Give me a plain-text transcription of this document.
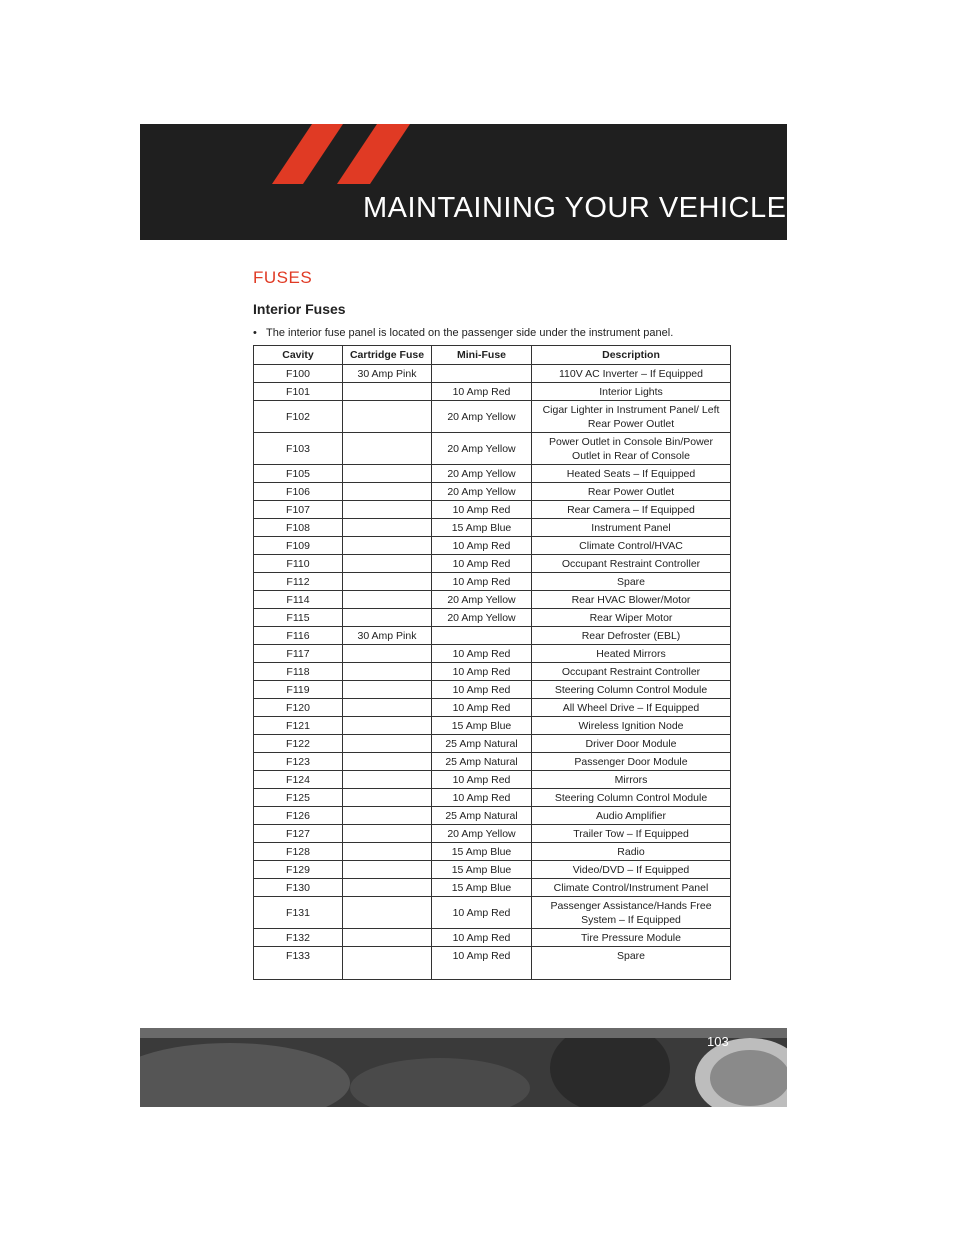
MAINTAINING YOUR VEHICLE
FUSES
Interior Fuses
• The interior fuse panel is located on the passenger side under the instrument panel.
Cavity	Cartridge Fuse	Mini-Fuse	Description
F100	30 Amp Pink		110V AC Inverter – If Equipped
F101		10 Amp Red	Interior Lights
F102		20 Amp Yellow	Cigar Lighter in Instrument Panel/ Left Rear Power Outlet
F103		20 Amp Yellow	Power Outlet in Console Bin/Power Outlet in Rear of Console
F105		20 Amp Yellow	Heated Seats – If Equipped
F106		20 Amp Yellow	Rear Power Outlet
F107		10 Amp Red	Rear Camera – If Equipped
F108		15 Amp Blue	Instrument Panel
F109		10 Amp Red	Climate Control/HVAC
F110		10 Amp Red	Occupant Restraint Controller
F112		10 Amp Red	Spare
F114		20 Amp Yellow	Rear HVAC Blower/Motor
F115		20 Amp Yellow	Rear Wiper Motor
F116	30 Amp Pink		Rear Defroster (EBL)
F117		10 Amp Red	Heated Mirrors
F118		10 Amp Red	Occupant Restraint Controller
F119		10 Amp Red	Steering Column Control Module
F120		10 Amp Red	All Wheel Drive – If Equipped
F121		15 Amp Blue	Wireless Ignition Node
F122		25 Amp Natural	Driver Door Module
F123		25 Amp Natural	Passenger Door Module
F124		10 Amp Red	Mirrors
F125		10 Amp Red	Steering Column Control Module
F126		25 Amp Natural	Audio Amplifier
F127		20 Amp Yellow	Trailer Tow – If Equipped
F128		15 Amp Blue	Radio
F129		15 Amp Blue	Video/DVD – If Equipped
F130		15 Amp Blue	Climate Control/Instrument Panel
F131		10 Amp Red	Passenger Assistance/Hands Free System – If Equipped
F132		10 Amp Red	Tire Pressure Module
F133		10 Amp Red	Spare
103
